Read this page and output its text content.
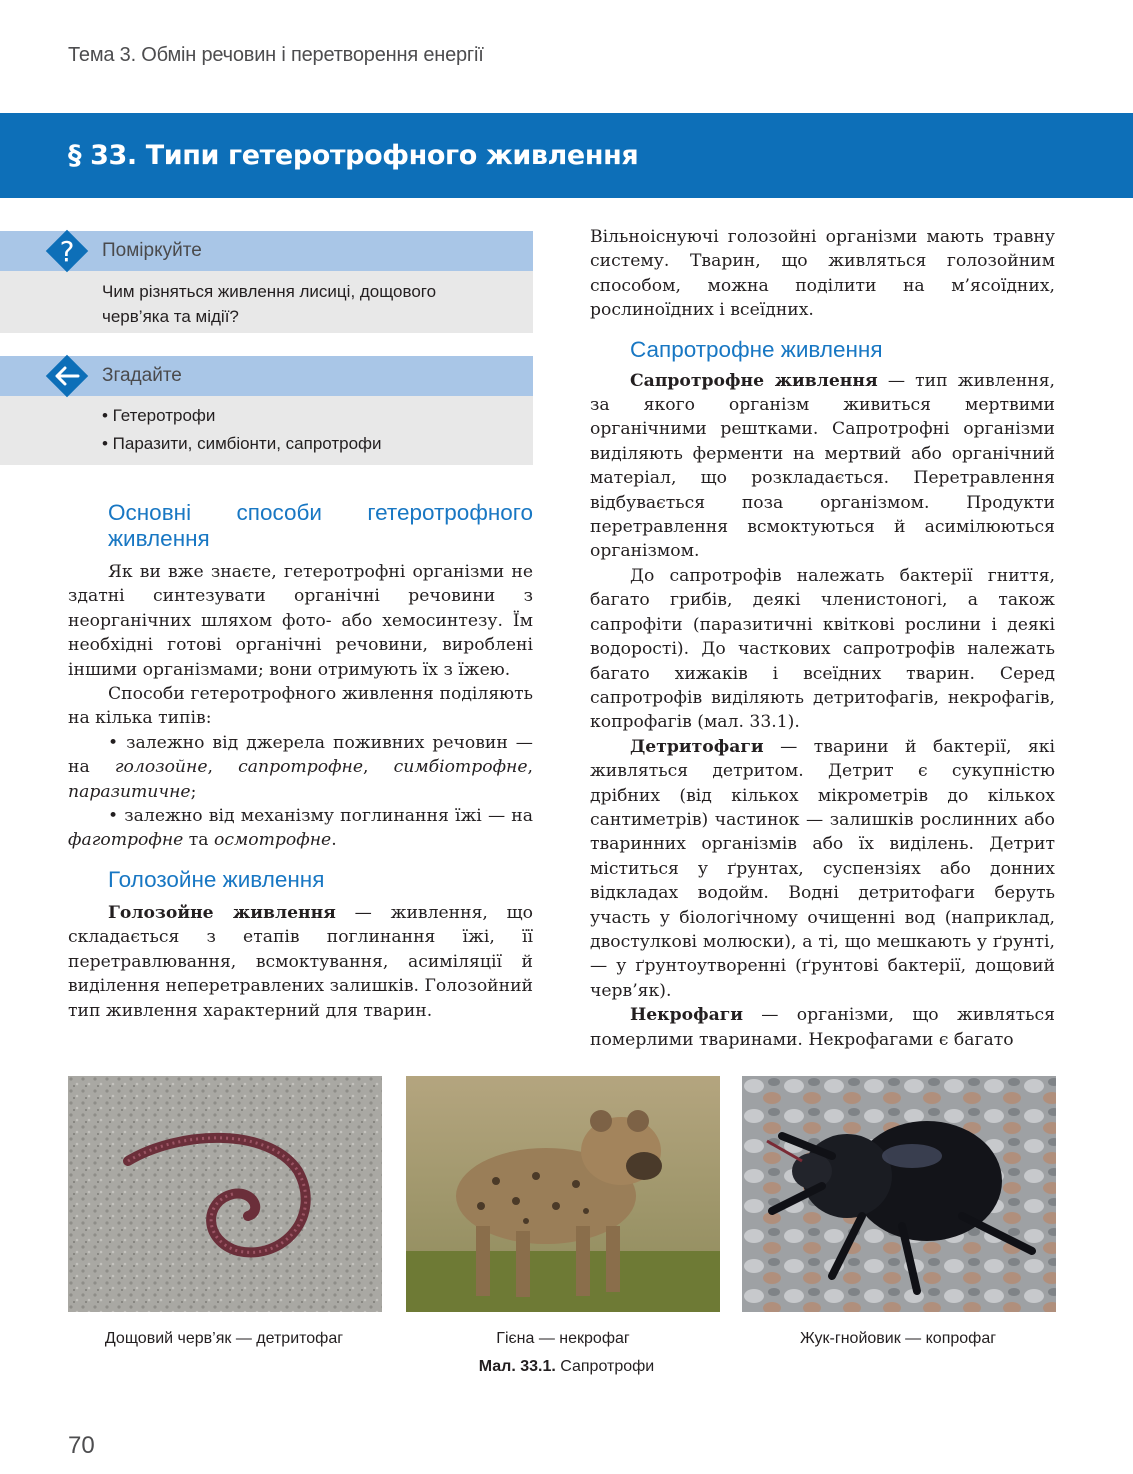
Тема 3. Обмін речовин і перетворення енергії
§ 33. Типи гетеротрофного живлення
? Поміркуйте
Чим різняться живлення лисиці, дощового
черв’яка та мідії?
Згадайте
• Гетеротрофи
• Паразити, симбіонти, сапротрофи
Основні способи гетеротрофного живлення

Як ви вже знаєте, гетеротрофні організми не здатні синтезувати органічні речовини з неорганічних шляхом фото- або хемосинтезу. Їм необхідні готові органічні речовини, вироблені іншими організмами; вони отримують їх з їжею.

Способи гетеротрофного живлення поділяють на кілька типів:

• залежно від джерела поживних речовин — на голозойне, сапротрофне, симбіотрофне, паразитичне;

• залежно від механізму поглинання їжі — на фаготрофне та осмотрофне.

Голозойне живлення

Голозойне живлення — живлення, що складається з етапів поглинання їжі, її перетравлювання, всмоктування, асиміляції й виділення неперетравлених залишків. Голозойний тип живлення характерний для тварин.

Вільноіснуючі голозойні організми мають травну систему. Тварин, що живляться голозойним способом, можна поділити на м’ясоїдних, рослиноїдних і всеїдних.

Сапротрофне живлення

Сапротрофне живлення — тип живлення, за якого організм живиться мертвими органічними рештками. Сапротрофні організми виділяють ферменти на мертвий або органічний матеріал, що розкладається. Перетравлення відбувається поза організмом. Продукти перетравлення всмоктуються й асимілюються організмом.

До сапротрофів належать бактерії гниття, багато грибів, деякі членистоногі, а також сапрофіти (паразитичні квіткові рослини і деякі водорості). До часткових сапротрофів належать багато хижаків і всеїдних тварин. Серед сапротрофів виділяють детритофагів, некрофагів, копрофагів (мал. 33.1).

Детритофаги — тварини й бактерії, які живляться детритом. Детрит є сукупністю дрібних (від кількох мікрометрів до кількох сантиметрів) частинок — залишків рослинних або тваринних організмів або їх виділень. Детрит міститься у ґрунтах, суспензіях або донних відкладах водойм. Водні детритофаги беруть участь у біологічному очищенні вод (наприклад, двостулкові молюски), а ті, що мешкають у ґрунті,— у ґрунтоутворенні (ґрунтові бактерії, дощовий черв’як).

Некрофаги — організми, що живляться померлими тваринами. Некрофагами є багато

Дощовий черв’як — детритофаг	Гієна — некрофаг	Жук-гнойовик — копрофаг
Мал. 33.1. Сапротрофи
70
